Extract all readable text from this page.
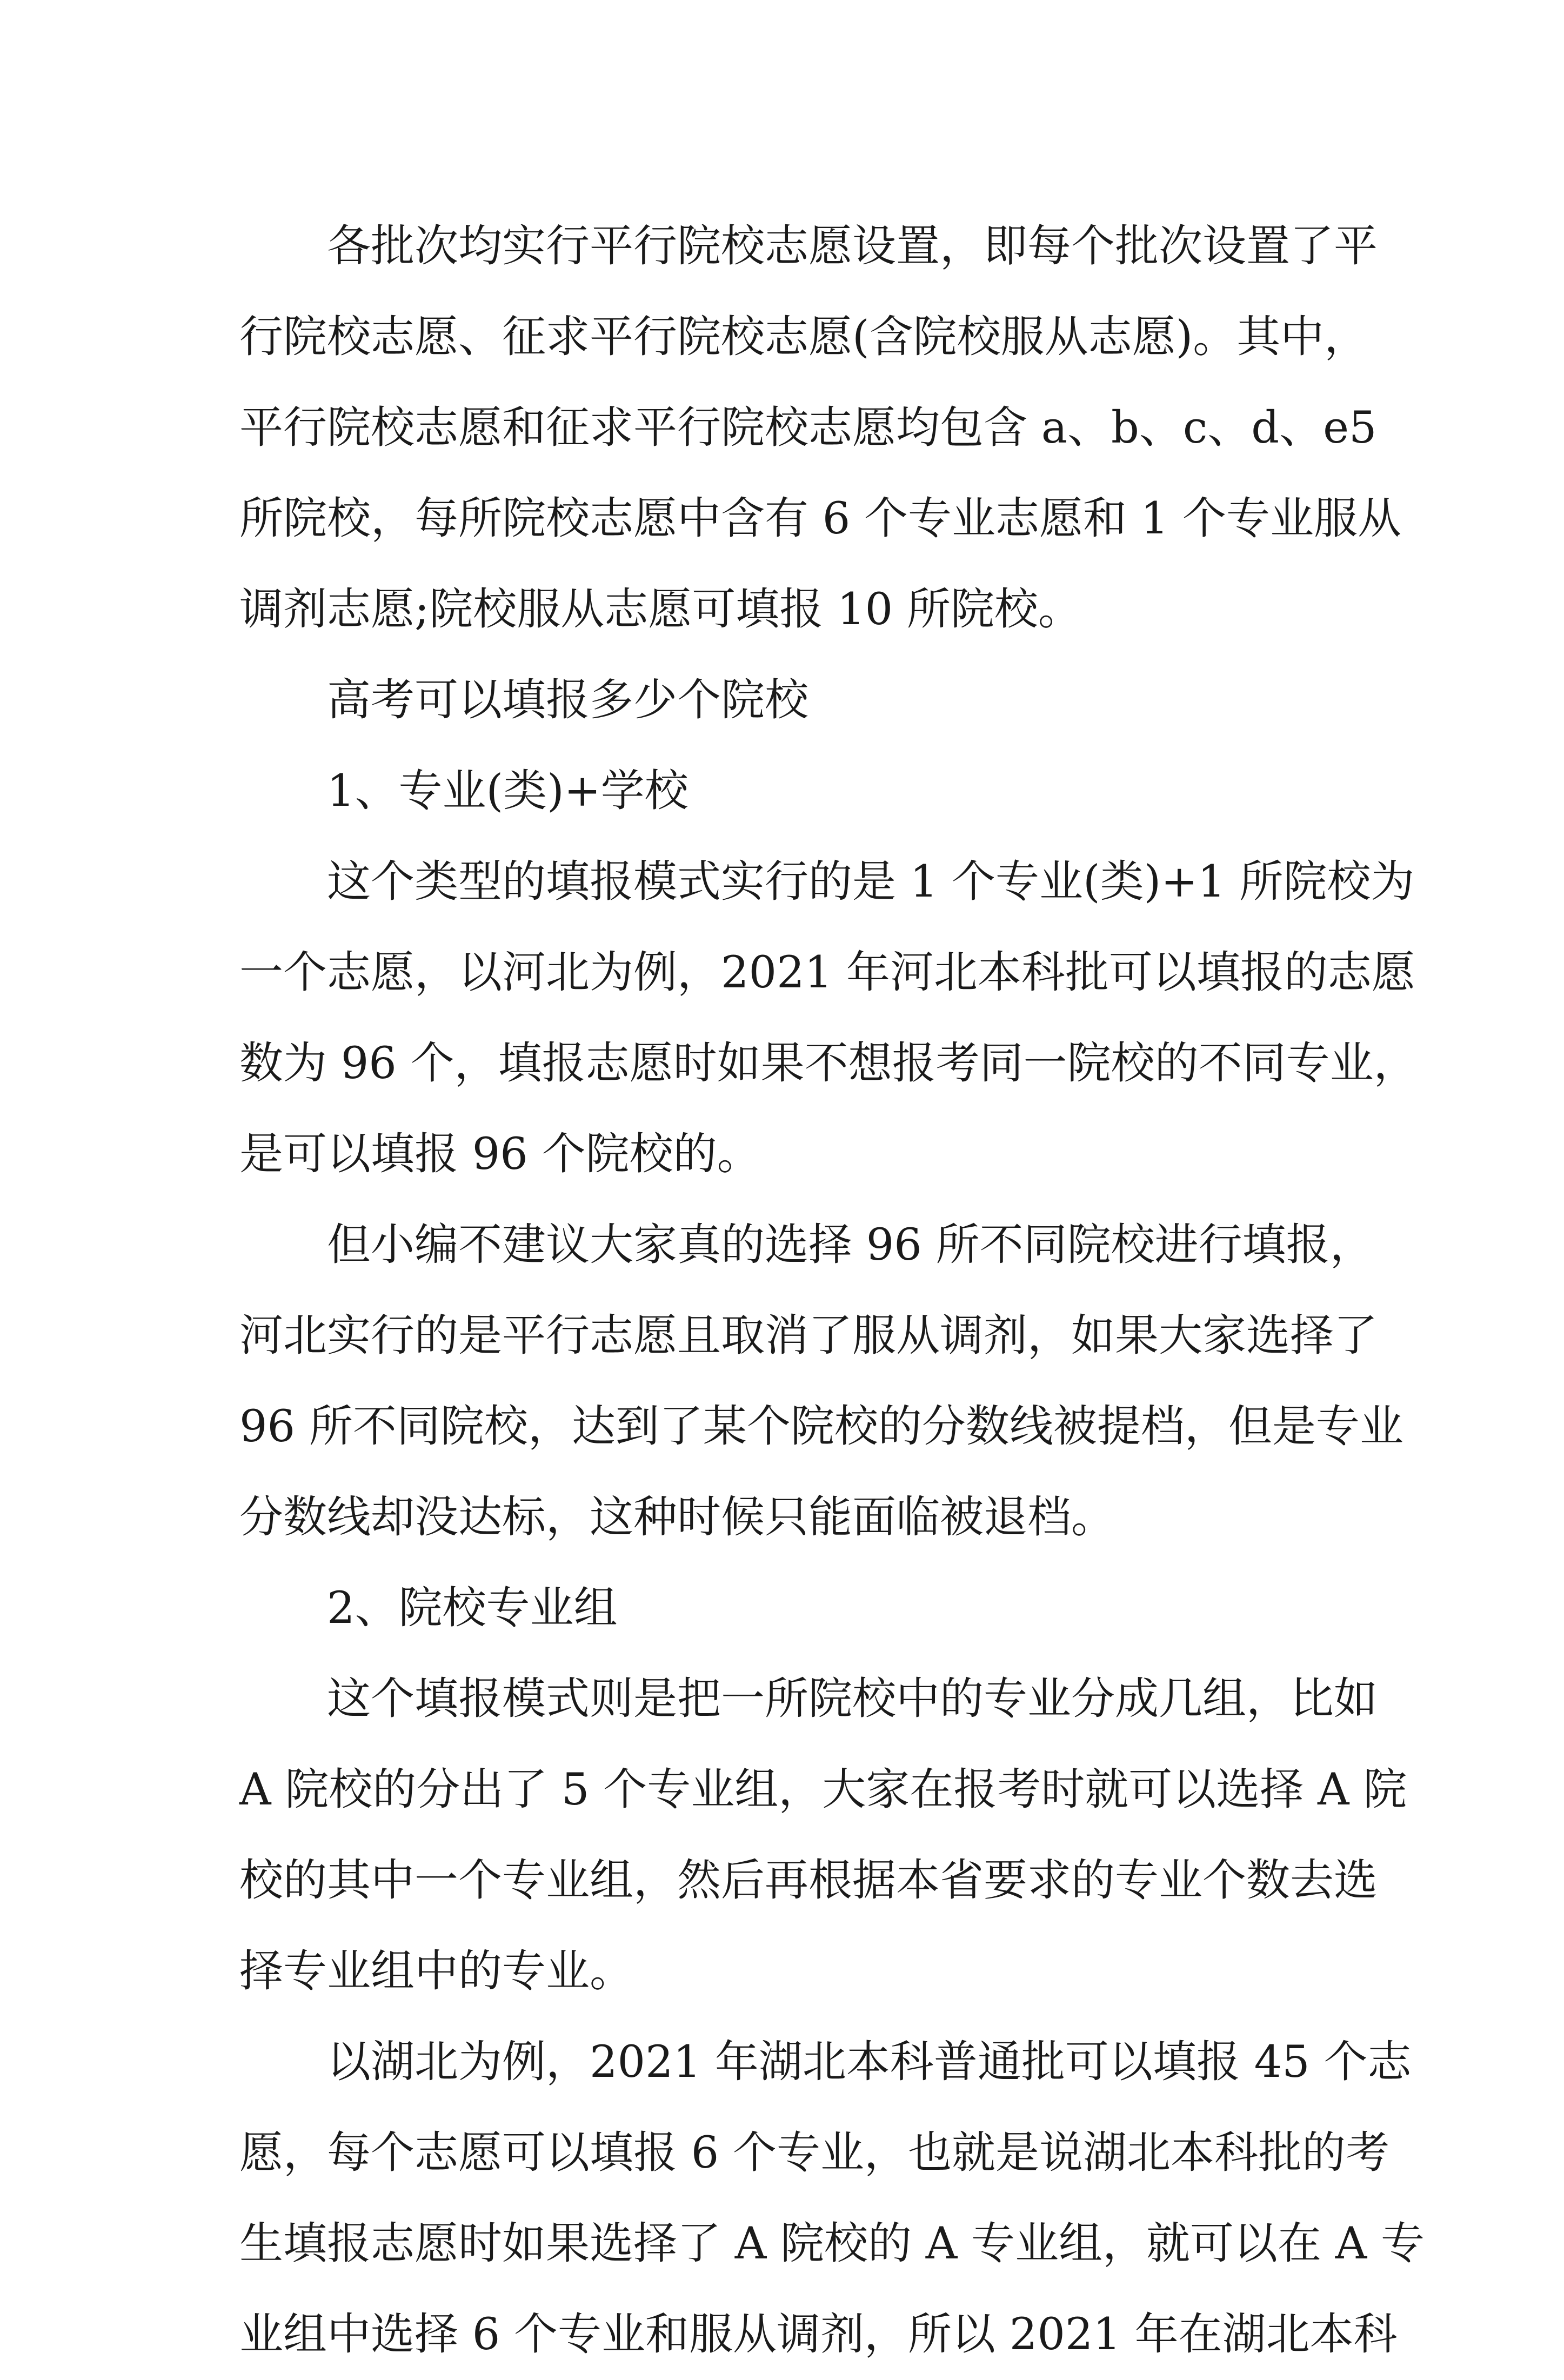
各批次均实行平行院校志愿设置，即每个批次设置了平

行院校志愿、征求平行院校志愿(含院校服从志愿)。其中，

平行院校志愿和征求平行院校志愿均包含 a、b、c、d、e5

所院校，每所院校志愿中含有 6 个专业志愿和 1 个专业服从

调剂志愿;院校服从志愿可填报 10 所院校。

高考可以填报多少个院校

1、专业(类)+学校

这个类型的填报模式实行的是 1 个专业(类)+1 所院校为

一个志愿，以河北为例，2021 年河北本科批可以填报的志愿

数为 96 个，填报志愿时如果不想报考同一院校的不同专业，

是可以填报 96 个院校的。

但小编不建议大家真的选择 96 所不同院校进行填报，

河北实行的是平行志愿且取消了服从调剂，如果大家选择了

96 所不同院校，达到了某个院校的分数线被提档，但是专业

分数线却没达标，这种时候只能面临被退档。

2、院校专业组

这个填报模式则是把一所院校中的专业分成几组，比如

A 院校的分出了 5 个专业组，大家在报考时就可以选择 A 院

校的其中一个专业组，然后再根据本省要求的专业个数去选

择专业组中的专业。

以湖北为例，2021 年湖北本科普通批可以填报 45 个志

愿，每个志愿可以填报 6 个专业，也就是说湖北本科批的考

生填报志愿时如果选择了 A 院校的 A 专业组，就可以在 A 专

业组中选择 6 个专业和服从调剂，所以 2021 年在湖北本科
